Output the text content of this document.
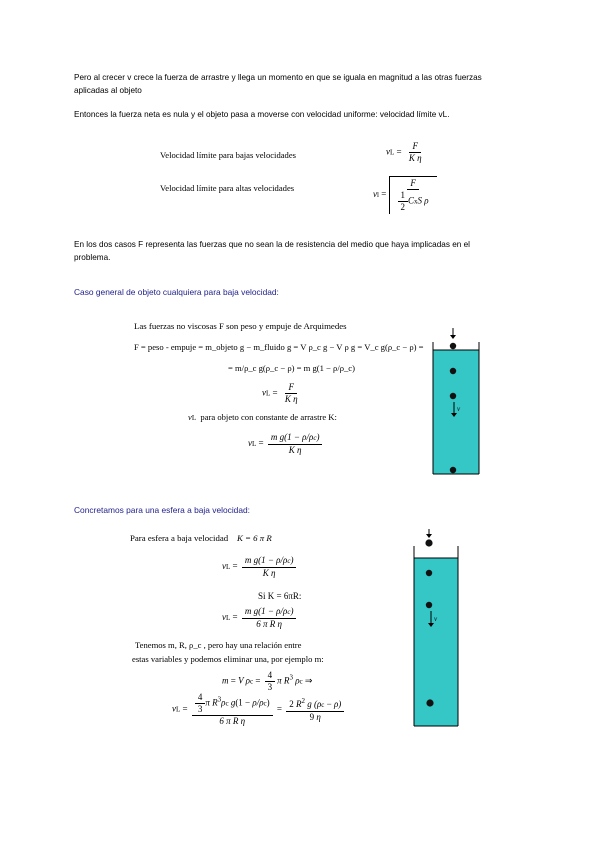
Pero al crecer v crece la fuerza de arrastre y llega un momento en que se iguala en magnitud a las otras fuerzas
aplicadas al objeto
Entonces la fuerza neta es nula y el objeto pasa a moverse con velocidad uniforme: velocidad límite vL.
Velocidad límite para bajas velocidades	vL = $\frac{F}{\text{K η}}$
Velocidad límite para altas velocidades
vl = $\frac{F}{\frac{1}{2} CxS \rho}$
En los dos casos F representa las fuerzas que no sean la de resistencia del medio que haya implicadas en el
problema.
Caso general de objeto cualquiera para baja velocidad:
Las fuerzas no viscosas F son peso y empuje de Arquimedes
F = peso - empuje = m_objeto g − m_fluido g = V ρ_c g − V ρ g = V_c g(ρ_c − ρ) =
= m/ρ_c g(ρ_c − ρ) = m g(1 − ρ/ρ_c)
vL = $\frac{F}{\text{K η}}$
vL para objeto con constante de arrastre K:
vL = $\frac{\text{m g(1 − ρ/ρc)}}{\text{K η}}$
v
Concretamos para una esfera a baja velocidad:
Para esfera a baja velocidad K = 6 π R
vL = $\frac{\text{m g(1 − ρ/ρc)}}{\text{K η}}$
Si K = 6πR:
vL = $\frac{\text{m g(1 − ρ/ρc)}}{\text{6 π R η}}$
Tenemos m, R, ρ_c , pero hay una relación entre
estas variables y podemos eliminar una, por ejemplo m:
m = V $\rho c = \frac{4}{3}$ π $R^3$ ρc ⇒
vL = $\frac{\frac{4}{3} \pi R^3\rho c g(1 - \rho/\rho c)}{\text{6 π R η}} = \frac{2 R^2 g (\rho c - \rho)}{9 \eta}$
v
